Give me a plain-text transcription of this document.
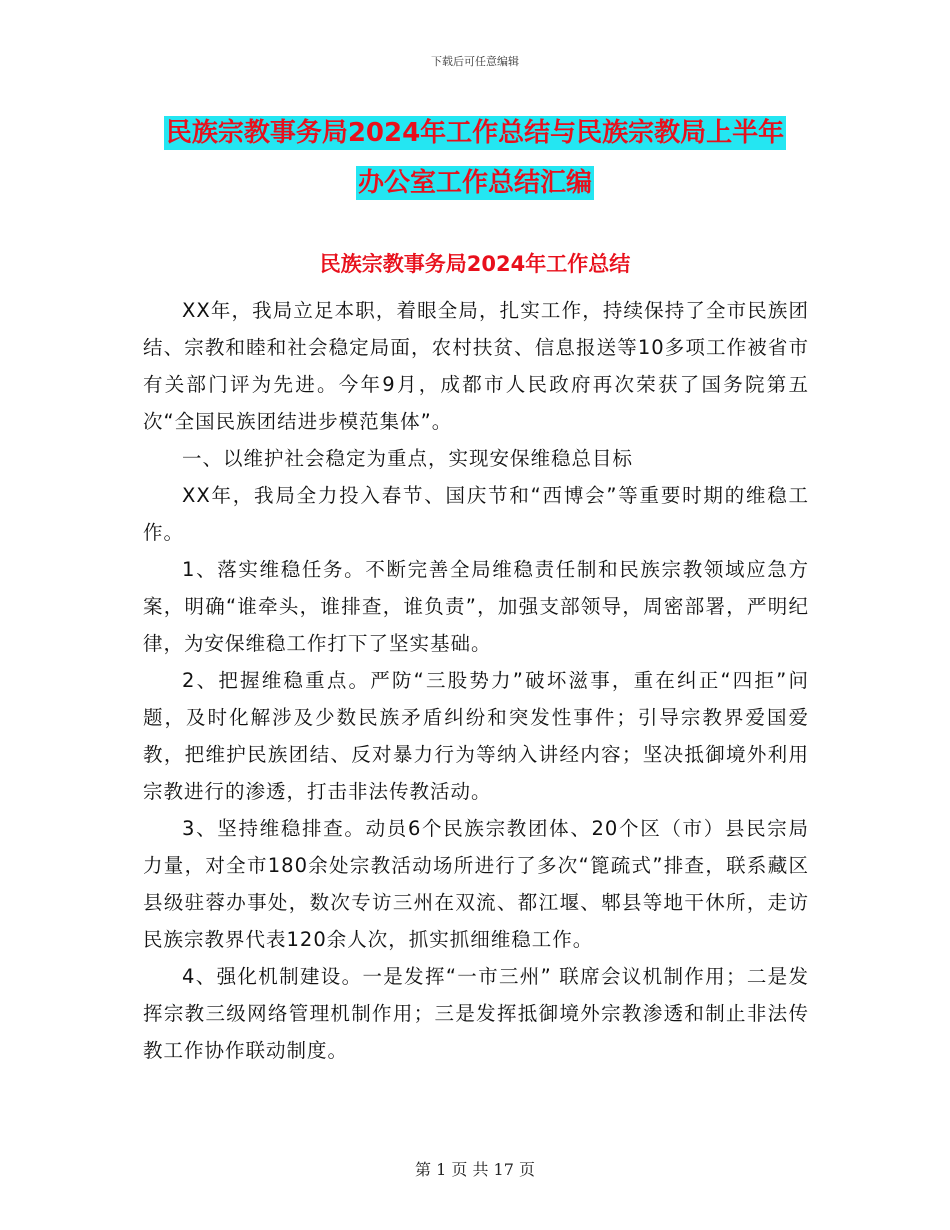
下载后可任意编辑
民族宗教事务局2024年工作总结与民族宗教局上半年
办公室工作总结汇编
民族宗教事务局2024年工作总结

XX年，我局立足本职，着眼全局，扎实工作，持续保持了全市民族团结、宗教和睦和社会稳定局面，农村扶贫、信息报送等10多项工作被省市有关部门评为先进。今年9月，成都市人民政府再次荣获了国务院第五次“全国民族团结进步模范集体”。

一、以维护社会稳定为重点，实现安保维稳总目标

XX年，我局全力投入春节、国庆节和“西博会”等重要时期的维稳工作。

1、落实维稳任务。不断完善全局维稳责任制和民族宗教领域应急方案，明确“谁牵头，谁排查，谁负责”，加强支部领导，周密部署，严明纪律，为安保维稳工作打下了坚实基础。

2、把握维稳重点。严防“三股势力”破坏滋事，重在纠正“四拒”问题，及时化解涉及少数民族矛盾纠纷和突发性事件；引导宗教界爱国爱教，把维护民族团结、反对暴力行为等纳入讲经内容；坚决抵御境外利用宗教进行的渗透，打击非法传教活动。

3、坚持维稳排查。动员6个民族宗教团体、20个区（市）县民宗局力量，对全市180余处宗教活动场所进行了多次“篦疏式”排查，联系藏区县级驻蓉办事处，数次专访三州在双流、都江堰、郫县等地干休所，走访民族宗教界代表120余人次，抓实抓细维稳工作。

4、强化机制建设。一是发挥“一市三州” 联席会议机制作用；二是发挥宗教三级网络管理机制作用；三是发挥抵御境外宗教渗透和制止非法传教工作协作联动制度。

第 1 页 共 17 页
